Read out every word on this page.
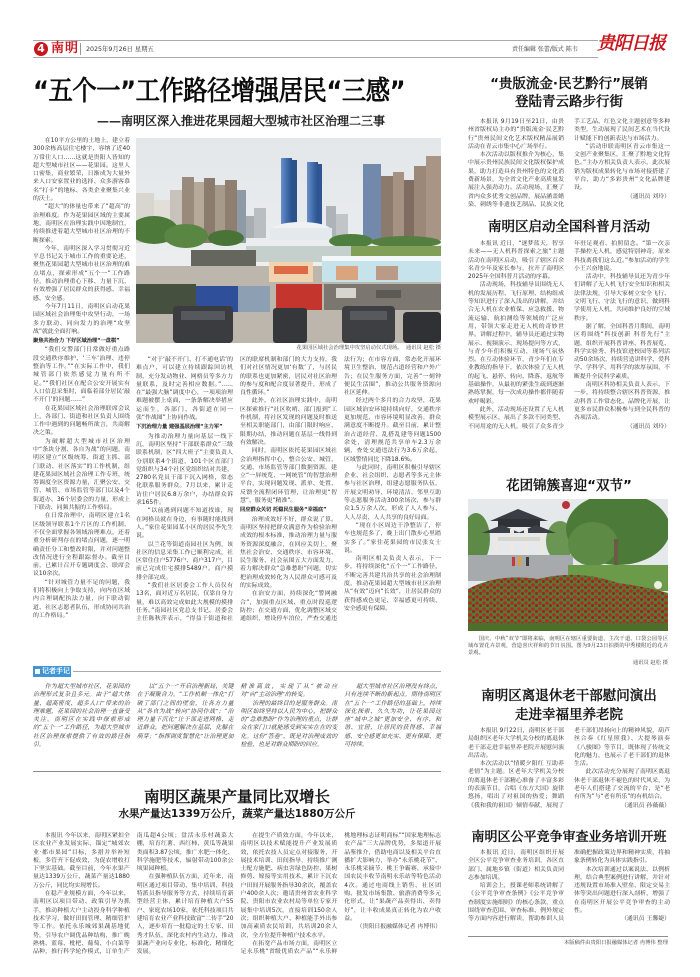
4 南明 2025年9月26日 星期五	责任编辑 张蕾/版式 陈韦 贵阳日报
“五个一”工作路径增强居民“三感”
——南明区深入推进花果园超大型城市社区治理二三事

在10平方公里的土地上，建立着300余栋高层住宅楼宇，容纳了近40万常住人口……这就是贵阳人皆知的超大型城市社区——花果园。这里人口密集，商业繁荣，日渐成为大量外来人口安家置业的选择、众多游客慕名“打卡”的地标、各类企业聚集兴业的沃土。

“超大”的体量也带来了“超高”的治理难度。作为花果园区域的主要属地，南明区在治理实践中因地制宜，持续推进着超大型城市社区治理的不断探索。

今年，南明区深入学习贯彻习近平总书记关于城市工作的重要论述，聚焦花果园超大型城市社区治理的难点堵点，探索形成“五个一”工作路径，推动治理重心下移、力量下沉，有效增强了居民群众的获得感、幸福感、安全感。

今年7月11日，南明区启动花果园区域社会治理集中攻坚行动，一场多方联动、同向发力的治理“攻坚战”就此全面打响。

聚焦共治合力 下好区域治理“一盘棋”

“我们交警部门日常做好重点路段交通秩序维护、‘三车’治理、违停整治等工作。”“在实际工作中，我们城管部门依然感觉力量有所不足。”“我们社区在配合公安开展实有人口信息采集时，面临着部分居民‘敲不开门’的问题……”

在花果园区域社会治理联席会议上，各部门、街道和社区负责人围绕工作中遇到的问题畅所欲言，共商解决之策。

为破解超大型城市社区治理中“条块分割、各自为战”的问题，南明区建立“区级统筹、街道主抓、部门联动、社区落实”的工作机制，组建花果园区域社会治理工作专班，统筹调度全区资源力量，汇聚公安、交管、城管、市场监管等部门以及4个街道办、36个居委会的力量，形成上下联动、同频共振的工作格局。

在日常治理中，南明区建立1名区级领导联系1个片区的工作机制，不仅全面掌握各领域治理难点，还着重分析研判存在的堵点问题，逐一明确责任分工和整改时限，并对问题整改情况进行全程跟踪督办。截至目前，已累计召开专题调度会、联席会议10余次。

“针对城管力量不足的问题，我们将积极向上争取支持，向内在区域内合理调配执法力量，向下联动街道、社区志愿者队伍，形成协同共治的工作格局。”

花果园区域社会治理集中攻坚启动仪式现场。 通讯员 赵松 摄

“对于‘敲不开门、打不通电话’的难点户，可以建立持续跟踪回访机制，充分发动物业、网格员等多方力量联系，及时完善相应数据。”……在“最强大脑”调度中心，一项项治理难题被摆上桌面，一条条解决举措应运而生，各部门、各街道在同一张“作战图”上协同作战。

下沉治理力量 建强基层治理“主力军”

为推动治理力量向基层一线下沉，南明区坚持“干部联系群众”三级联系机制，区“四大班子”主要负责人分别联系4个街道，101个区直部门党组织与34个社区党组织结对共建，2780名党员干部下沉入网格，常态化联系服务群众。7月以来，累计走访住户居民6.8万余户，办结群众诉求165件。

“以前遇到问题不知道找谁，现在网格员就在身边，有事随时能找到人。”家住花果园某小区的居民李先生说。

以兰花等街道南园社区为例，该社区的信息采集工作已顺利完成，社区常住住户5776户、商户317户，目前已完成住宅摸排5489户，商户摸排全部完成。

“我们社区居委会工作人员仅有13名，面对近万名居民，仅靠自身力量，难以高效完成如此大规模的摸排任务。”南园社区党总支书记、居委会主任陈秋萍表示，“得益于街道和社区的联席机制和部门的大力支持，我们对社区情况更加‘有数’了，与居民的联系也更加紧密，居民对社区治理的参与度和配合度显著提升，形成了良性循环。”

此外，在社区治理实践中，南明区探索推行“社区吹哨、部门报到”工作机制，将社区发现的问题及时推送至相关职能部门，由部门限时响应、限期办结，推动问题在基层一线得到有效解决。

同时，南明区依托花果园区域社会治理指挥中心，整合公安、城管、交通、市场监管等部门数据资源，建立“一屏统览、一网统管”的智慧治理平台，实现问题发现、派单、处置、反馈全流程闭环管理，让治理更“智慧”、服务更“精准”。

回应群众关切 托稳民生服务“幸福底”

治理成效好不好，群众说了算。南明区坚持把群众满意作为检验治理成效的根本标准，推动治理力量与服务资源深度融合，在回应关切上，聚焦社会治安、交通秩序、市容环境、民生服务、社会氛围五大方面发力，着力解决群众“急难愁盼”问题，切实把治理成效转化为人民群众可感可及的实际成效。

在治安方面，持续深化“警网融合”，加强重点区域、重点时段巡逻防控；在交通方面，优化调整区域交通组织，增设停车泊位，严查交通违法行为；在市容方面，常态化开展环境卫生整治，规范占道经营和户外广告；在民生服务方面，完善“一刻钟便民生活圈”，推动公共服务资源向社区延伸。

经过两个多月的合力攻坚，花果园区域治安环境持续向好，交通秩序更加规范，市容环境明显改善，群众满意度不断提升。截至目前，累计整治占道经营、乱搭乱建等问题1500余处，清理规范共享单车2.3万余辆，查处交通违法行为3.6万余起，区域警情同比下降18.6%。

与此同时，南明区积极引导辖区企业、社会组织、志愿者等多元主体参与社区治理，组建志愿服务队伍，开展文明劝导、环境清洁、邻里互助等志愿服务活动300余场次，参与群众1.5万余人次，形成了人人参与、人人尽责、人人共享的良好局面。

“现在小区周边干净整洁了，停车也规范多了，晚上出门散步心里踏实多了。”家住花果园的市民张女士说。

南明区相关负责人表示，下一步，将持续深化“五个一”工作路径，不断完善共建共治共享的社会治理制度，推动花果园超大型城市社区治理从“有效”迈向“长效”，让居民群众的获得感成色更足、幸福感更可持续、安全感更有保障。

记者手记

作为超大型城市社区，花果园的治理形式复杂且多元。由于“超大体量、超高密度、超多人口”带来的治理难题，花果园的社会治理一直备受关注。南明区在实践中探索形成的“五个一”工作路径，为超大型城市社区治理探索提供了有效的路径指引。

以“五个一”开启治理新局，关键在于凝聚合力。“工作机制一体化”打破了部门之间的壁垒，让各方力量从“各自为战”转向“协同作战”；“治理力量下沉化”让干部走进网格、走近群众，把问题解决在基层、化解在萌芽；“指挥调度智慧化”让治理更加精准高效，实现了从“被动应对”向“主动治理”的转变。

治理的最终目的是服务群众。南明区始终坚持以人民为中心，把群众的“急难愁盼”作为治理的重点，让群众在家门口就能感受到实实在在的变化。这份“答卷”，既是对治理成效的检验，也是对群众期盼的回应。

超大型城市社区治理没有终点，只有连续不断的新起点。期待南明区在“五个一”工作路径的基础上，持续深化探索、久久为功，让花果园这座“城中之城”更加安全、有序、和谐、宜居，让居民的获得感、幸福感、安全感更加充实、更有保障、更可持续。

南明区蔬果产量同比双增长
水果产量达1339万公斤，蔬菜产量达1880万公斤

本报讯 今年以来，南明区紧扣全区农业产业发展实际，锚定“城郊农业·都市果园”目标，多措并举补短板，多管齐下促成效，为促农增收打下坚实基础。截至目前，今年水果产量达1339万公斤、蔬菜产量达1880万公斤，同比均实现增长。

在稳产业规模方面，今年以来，南明区以项目带动、政策引导为抓手，推动种植大户主动投身科学种植技术学习，做好田间管理、精细管护等工作。依托永乐城郊果蔬基地优势，引导农户调优品种结构，推广晚熟桃、蓝莓、枇杷、葡萄、小白菜等品种，推行科学轮作模式，订单生产南瓜超4公顷；盘活永乐村蔬菜大棚，培育红薯、西红柿、黄瓜等蔬果类面积3.87公顷，推广水肥一体化、科学施肥等技术，辐射带动100余公顷果园种植。

在强种植队伍方面，近年来，南明区通过项目带动、集中培训、科技特派员指导服务等方式，持续培育新型经营主体，累计培育种植大户55户、家庭农场10家，依托科技项目共建培育农业产业科技致富“二传手”20人，逐步培育一批稳定的土专家、田秀才队伍，深化农村内生动力，推动果蔬产业向专业化、标准化、精细化发展。

在提生产质效方面，今年以来，南明区以技术赋能提升产业发展质效，依托农技人员定点对接服务，开展技术培训、田间指导，持续推广测土配方施肥、病虫害绿色防控、果树修剪、嫁接等实用技术，累计下沉农户田间开展服务指导30余次，覆盖农户400余人次；邀请贵州省农业科学院、贵阳市农业农村局等单位专家开展集中培训5次，直接培训150余人次；组织种植大户、种植能手外出参加高素质农民培训，共培训20余人次，全方位提升种植户技术水平。

在拓宽产品市场方面，南明区立足永乐桃“省级优质农产品”“永乐鲜桃地理标志证明商标”“国家地理标志农产品”三大品牌优势，多渠道开展品鉴推介，借助电商以及相关平台直播扩大影响力，举办“永乐桃花节”、永乐桃采摘节、桃王争霸赛，承接中国农民丰收节南明永乐站等特色活动4次。通过电商线上销售、社区团购、批发市场集散、旅游消费等多元化形式，让“果蔬产品卖得出、卖得好”，让丰收成果真正转化为农户收益。

（贵阳日报融媒体记者 冉博伟）

“贵版流金·民艺黔行”展销
登陆青云路步行街

本报讯 9月19日至21日，由贵州省版权局主办的“贵版流金·民艺黔行”贵州民间文化艺术版权精品展销活动在青云市集中心广场举行。

本次活动以版权推介为核心，集中展示贵州民族民间文化版权保护成果，助力打造具有贵州特色的文化消费新场景，为全省文化产业高质量发展注入强劲动力。活动现场，汇聚了省内众多优秀文创品牌，展品涵盖蜡染、刺绣等非遗技艺制品、民族文化手工艺品、红色文化主题创意等多种类型，生动展现了民间艺术在当代设计赋能下的创新表达与市场活力。

“活动串联南明区青云市集这一文创产业聚集区，汇聚了黔地文化特色。”主办方相关负责人表示，此次展销为版权成果转化与市场对接搭建了平台，助力“多彩贵州”文化品牌建设。

（通讯员 刘玲）

南明区启动全国科普月活动

本报讯 近日，“逐梦蓝天，智享未来——无人机科普探索之旅”主题活动在南明区启动，吸引了辖区百余名青少年及家长参与，拉开了南明区2025年全国科普月活动的序幕。

活动现场，科技辅导员围绕无人机的发展历程、飞行原理、结构组成等知识进行了深入浅出的讲解，并结合无人机在农业植保、应急救援、物流运输、航拍测绘等领域的广泛应用，带领大家走进无人机的奇妙世界。讲解过程中，辅导员还通过实物展示、视频演示、现场提问等方式，与青少年们积极互动，现场气氛热烈。在互动体验环节，青少年们在专业教练的指导下，依次体验了无人机的起飞、悬停、转向、降落、返航等基础操作，从最初的紧张生疏到逐渐熟练掌握，每一次成功操作都伴随着欢呼喝彩。

此外，活动现场还设置了无人机模型展示区，展出了多款不同类型、不同用途的无人机，吸引了众多青少年驻足观看、拍照留念。“第一次亲手操控无人机，感觉特别神奇，原来科技离我们这么近。”参加活动的学生小王兴奋地说。

活动中，科技辅导员还为青少年们讲解了无人机飞行安全知识和相关法律法规，引导大家树立安全飞行、文明飞行、守法飞行的意识，做到科学使用无人机，共同维护良好的空域秩序。

据了解，全国科普月期间，南明区将围绕“科技创新 科普先行”主题，组织开展科普讲座、科普展览、科学实验秀、科技馆进校园等系列活动50余场次，持续营造讲科学、爱科学、学科学、用科学的浓厚氛围，不断提升全民科学素质。

南明区科协相关负责人表示，下一步，将持续整合辖区科普资源，推动科普工作常态化、品牌化开展，让更多市民群众积极参与到全民科普的各项活动。

（通讯员 刘玲）

花团锦簇喜迎“双节”
国庆、中秋“双节”即将来临，南明区在辖区重要街道、主次干道、口袋公园等区域布置花卉景观，营造喜庆祥和的节日氛围。图为9月23日拍摄的甲秀楼附近的花卉景观。
通讯员 赵松 摄
南明区离退休老干部慰问演出
走进幸福里养老院

本报讯 9月22日，南明区老干部局组织区老年大学机关分校的离退休老干部走进幸福里养老院开展慰问演出活动。

本次活动以“情暖夕阳红 互助养老情”为主题。区老年大学机关分校的离退休老干部精心准备了丰富多彩的表演节目，合唱《东方大国》旋律悠扬，唱出了对祖国的热爱；舞蹈《我和我的祖国》倾情奉献，展现了老干部们昂扬向上的精神风貌，葫芦丝合奏《红星照我》、大提琴演奏《八骏图》等节目，既体现了传统文化的魅力，也展示了老干部们的退休生活。

此次活动充分展现了南明区离退休老干部退休不褪色的时代风采，为老年人们搭建了交流的平台，是“老有所为”与“老有所乐”的有机结合。

（通讯员 孙薇薇）

南明区公平竞争审查业务培训开班

本报讯 近日，南明区组织开展全区公平竞争审查业务培训，各区直部门、属地乡镇（街道）相关负责同志参加培训。

培训会上，授课老师系统讲解了《公平竞争审查条例》《公平竞争审查制度实施细则》的核心条款，重点围绕审查范围、审查标准、例外规定等方面内容进行解读，帮助参训人员准确把握政策边界和精神实质，将抽象条例转化为具体实践指引。

本次培训通过以案说法、以例析理，结合典型案例进行讲解，并针对违规设置市场准入壁垒、限定交易主体等突出问题进行深入剖析，增强了在南明区开展公平竞争审查的主动性。

（通讯员 王馨婕）

本版稿件由贵阳日报融媒体记者 冉博伟 整理
